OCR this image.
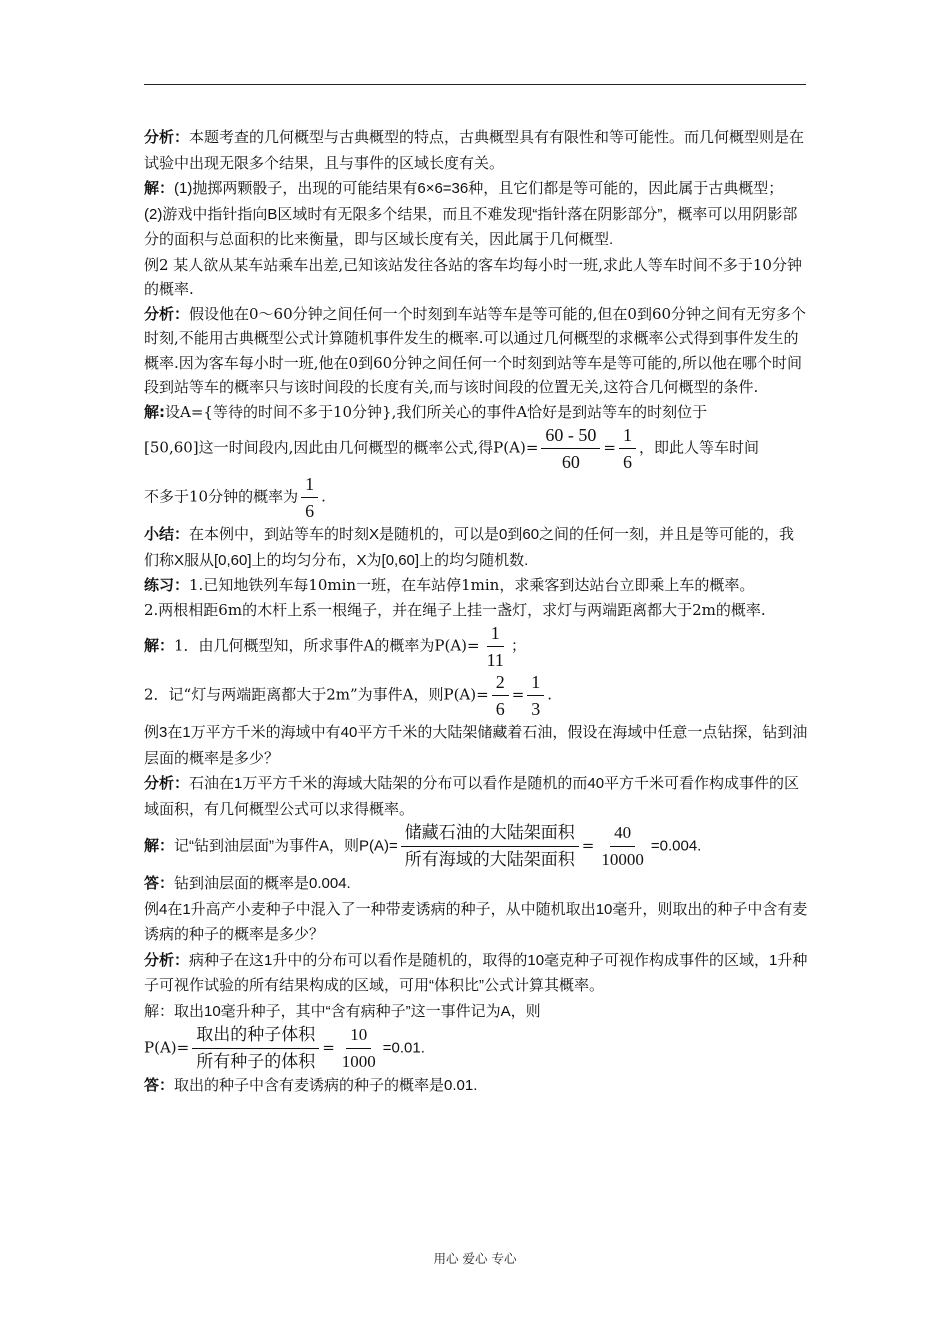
分析：本题考查的几何概型与古典概型的特点，古典概型具有有限性和等可能性。而几何概型则是在试验中出现无限多个结果，且与事件的区域长度有关。

解：(1)抛掷两颗骰子，出现的可能结果有6×6=36种，且它们都是等可能的，因此属于古典概型；

(2)游戏中指针指向B区域时有无限多个结果，而且不难发现“指针落在阴影部分”，概率可以用阴影部分的面积与总面积的比来衡量，即与区域长度有关，因此属于几何概型.

例2 某人欲从某车站乘车出差,已知该站发往各站的客车均每小时一班,求此人等车时间不多于10分钟的概率.

分析：假设他在0～60分钟之间任何一个时刻到车站等车是等可能的,但在0到60分钟之间有无穷多个时刻,不能用古典概型公式计算随机事件发生的概率.可以通过几何概型的求概率公式得到事件发生的概率.因为客车每小时一班,他在0到60分钟之间任何一个时刻到站等车是等可能的,所以他在哪个时间段到站等车的概率只与该时间段的长度有关,而与该时间段的位置无关,这符合几何概型的条件.

解:设A={等待的时间不多于10分钟},我们所关心的事件A恰好是到站等车的时刻位于

[50,60]这一时间段内,因此由几何概型的概率公式,得$P(A)= \frac{60 - 50}{60} = \frac{1}{6}$ ，即此人等车时间

不多于10分钟的概率为 $\frac{1}{6}$ .

小结：在本例中，到站等车的时刻X是随机的，可以是0到60之间的任何一刻，并且是等可能的，我们称X服从[0,60]上的均匀分布，X为[0,60]上的均匀随机数.

练习：1.已知地铁列车每10min一班，在车站停1min，求乘客到达站台立即乘上车的概率。

2.两根相距6m的木杆上系一根绳子，并在绳子上挂一盏灯，求灯与两端距离都大于2m的概率.

解：1．由几何概型知，所求事件A的概率为$P(A)= \frac{1}{11}$ ；

2．记“灯与两端距离都大于2m”为事件A，则$P(A)= \frac{2}{6} = \frac{1}{3}$ .

例3在1万平方千米的海域中有40平方千米的大陆架储藏着石油，假设在海域中任意一点钻探，钻到油层面的概率是多少？

分析：石油在1万平方千米的海域大陆架的分布可以看作是随机的而40平方千米可看作构成事件的区域面积，有几何概型公式可以求得概率。

解：记“钻到油层面”为事件A，则$P(A)= \frac{\text{储藏石油的大陆架面积}}{\text{所有海域的大陆架面积}} = \frac{40}{10000} =0.004$.

答：钻到油层面的概率是0.004.

例4在1升高产小麦种子中混入了一种带麦诱病的种子，从中随机取出10毫升，则取出的种子中含有麦诱病的种子的概率是多少？

分析：病种子在这1升中的分布可以看作是随机的，取得的10毫克种子可视作构成事件的区域，1升种子可视作试验的所有结果构成的区域，可用“体积比”公式计算其概率。

解：取出10毫升种子，其中“含有病种子”这一事件记为A，则

$P(A)= \frac{\text{取出的种子体积}}{\text{所有种子的体积}} = \frac{10}{1000} =0.01$.

答：取出的种子中含有麦诱病的种子的概率是0.01.

用心 爱心 专心
